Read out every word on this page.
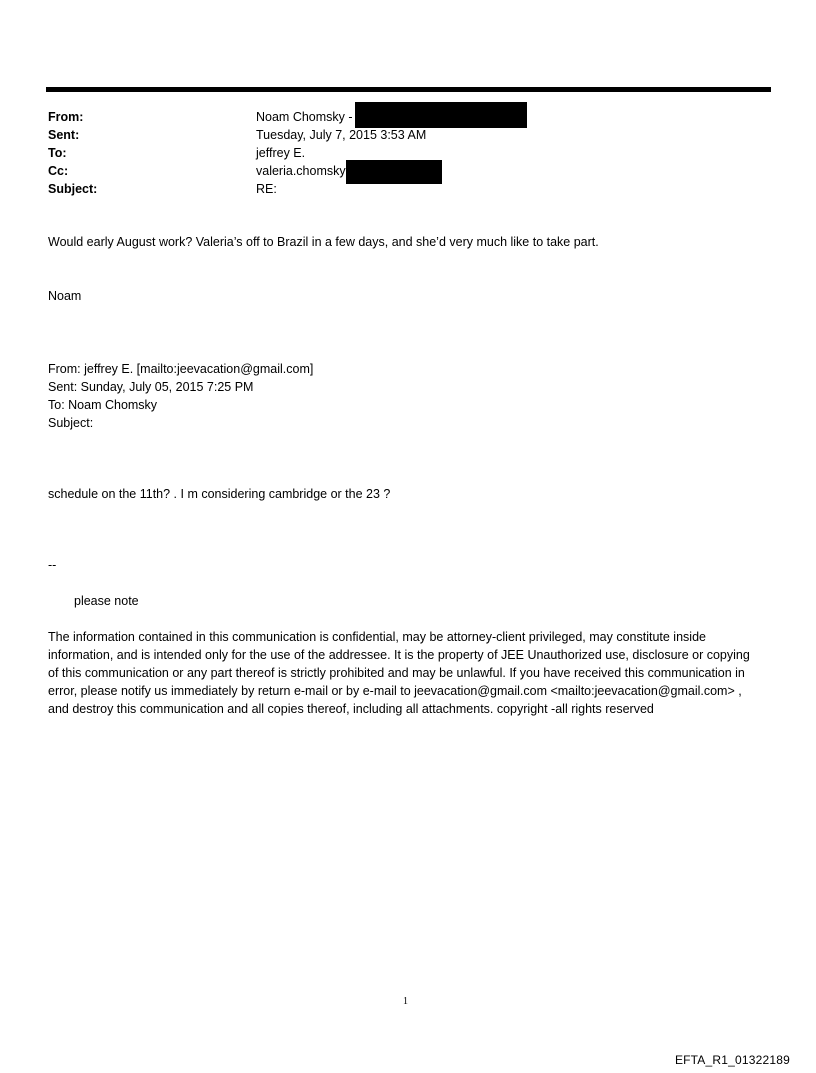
From:	Noam Chomsky -
Sent:	Tuesday, July 7, 2015 3:53 AM
To:	jeffrey E.
Cc:	valeria.chomsky
Subject:	RE:
Would early August work? Valeria’s off to Brazil in a few days, and she’d very much like to take part.
Noam
From: jeffrey E. [mailto:jeevacation@gmail.com]
Sent: Sunday, July 05, 2015 7:25 PM
To: Noam Chomsky
Subject:
schedule on the 11th? . I m considering cambridge or the 23 ?
--
please note

The information contained in this communication is confidential, may be attorney-client privileged, may constitute inside information, and is intended only for the use of the addressee. It is the property of JEE Unauthorized use, disclosure or copying of this communication or any part thereof is strictly prohibited and may be unlawful. If you have received this communication in error, please notify us immediately by return e-mail or by e-mail to jeevacation@gmail.com <mailto:jeevacation@gmail.com> , and destroy this communication and all copies thereof, including all attachments. copyright -all rights reserved

1
EFTA_R1_01322189
